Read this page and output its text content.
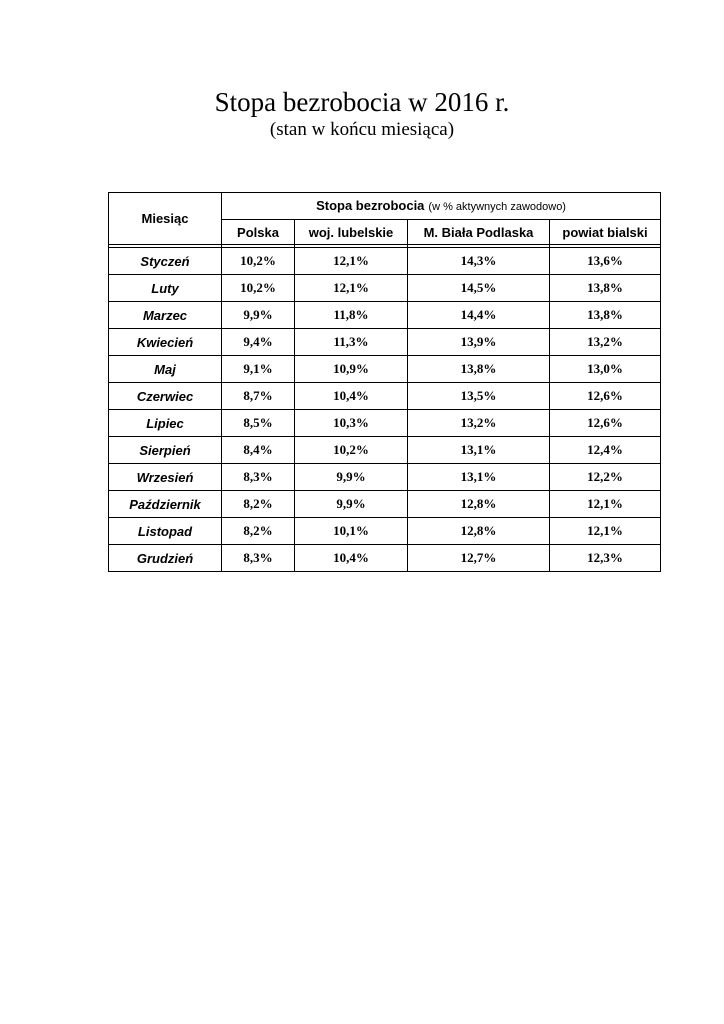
Stopa bezrobocia w 2016 r.
(stan w końcu miesiąca)
Miesiąc	Stopa bezrobocia (w % aktywnych zawodowo)			
	Polska	woj. lubelskie	M. Biała Podlaska	powiat bialski

Styczeń	10,2%	12,1%	14,3%	13,6%
Luty	10,2%	12,1%	14,5%	13,8%
Marzec	9,9%	11,8%	14,4%	13,8%
Kwiecień	9,4%	11,3%	13,9%	13,2%
Maj	9,1%	10,9%	13,8%	13,0%
Czerwiec	8,7%	10,4%	13,5%	12,6%
Lipiec	8,5%	10,3%	13,2%	12,6%
Sierpień	8,4%	10,2%	13,1%	12,4%
Wrzesień	8,3%	9,9%	13,1%	12,2%
Październik	8,2%	9,9%	12,8%	12,1%
Listopad	8,2%	10,1%	12,8%	12,1%
Grudzień	8,3%	10,4%	12,7%	12,3%
